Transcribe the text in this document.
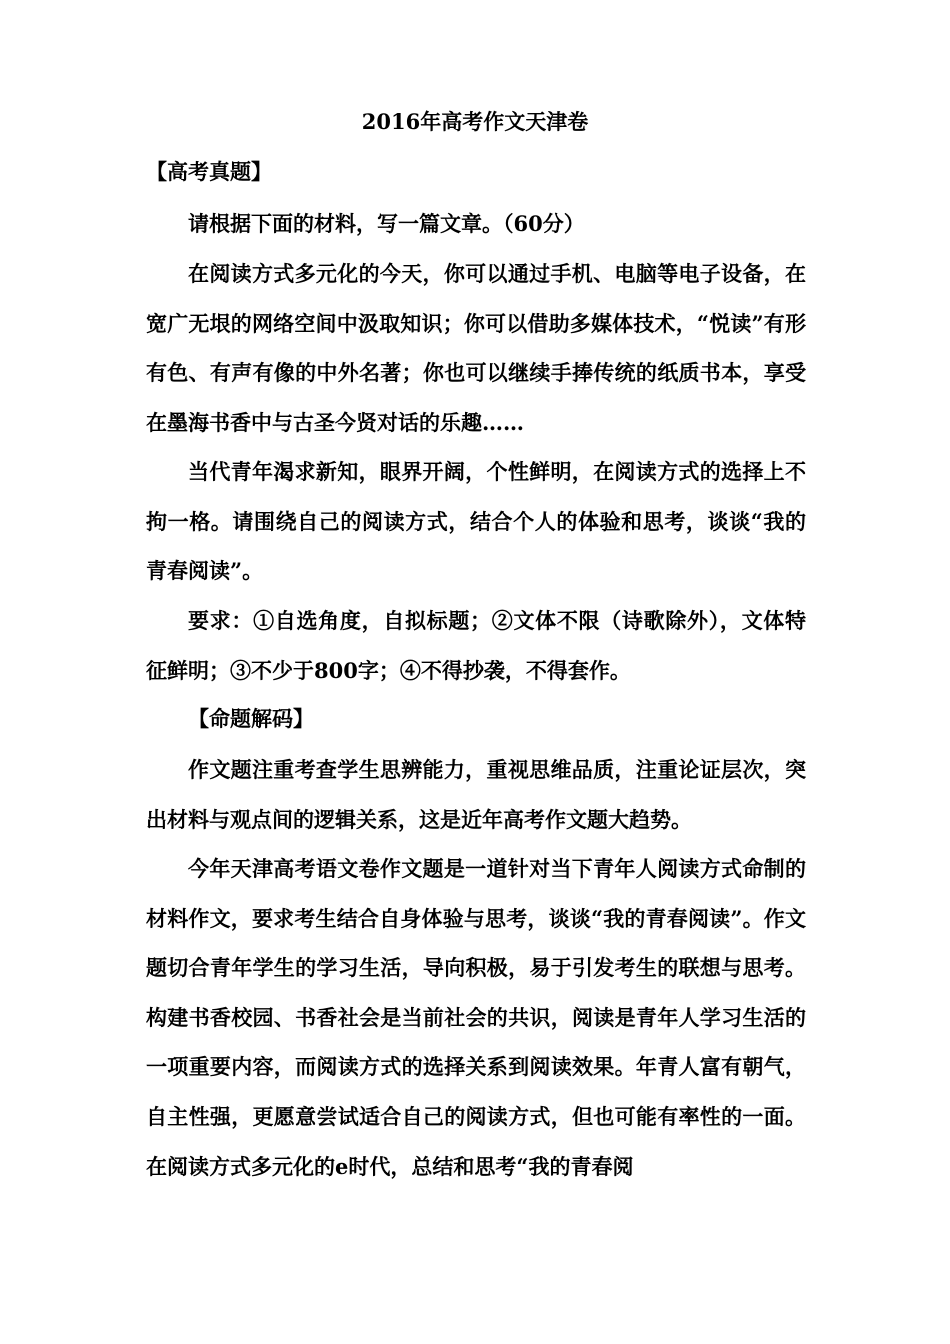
2016年高考作文天津卷
【高考真题】

请根据下面的材料，写一篇文章。（60分）

在阅读方式多元化的今天，你可以通过手机、电脑等电子设备，在宽广无垠的网络空间中汲取知识；你可以借助多媒体技术，“悦读”有形有色、有声有像的中外名著；你也可以继续手捧传统的纸质书本，享受在墨海书香中与古圣今贤对话的乐趣……

当代青年渴求新知，眼界开阔，个性鲜明，在阅读方式的选择上不拘一格。请围绕自己的阅读方式，结合个人的体验和思考，谈谈“我的青春阅读”。

要求：①自选角度，自拟标题；②文体不限（诗歌除外），文体特征鲜明；③不少于800字；④不得抄袭，不得套作。

【命题解码】

作文题注重考查学生思辨能力，重视思维品质，注重论证层次，突出材料与观点间的逻辑关系，这是近年高考作文题大趋势。

今年天津高考语文卷作文题是一道针对当下青年人阅读方式命制的材料作文，要求考生结合自身体验与思考，谈谈“我的青春阅读”。作文题切合青年学生的学习生活，导向积极，易于引发考生的联想与思考。构建书香校园、书香社会是当前社会的共识，阅读是青年人学习生活的一项重要内容，而阅读方式的选择关系到阅读效果。年青人富有朝气，自主性强，更愿意尝试适合自己的阅读方式，但也可能有率性的一面。在阅读方式多元化的e时代，总结和思考“我的青春阅
